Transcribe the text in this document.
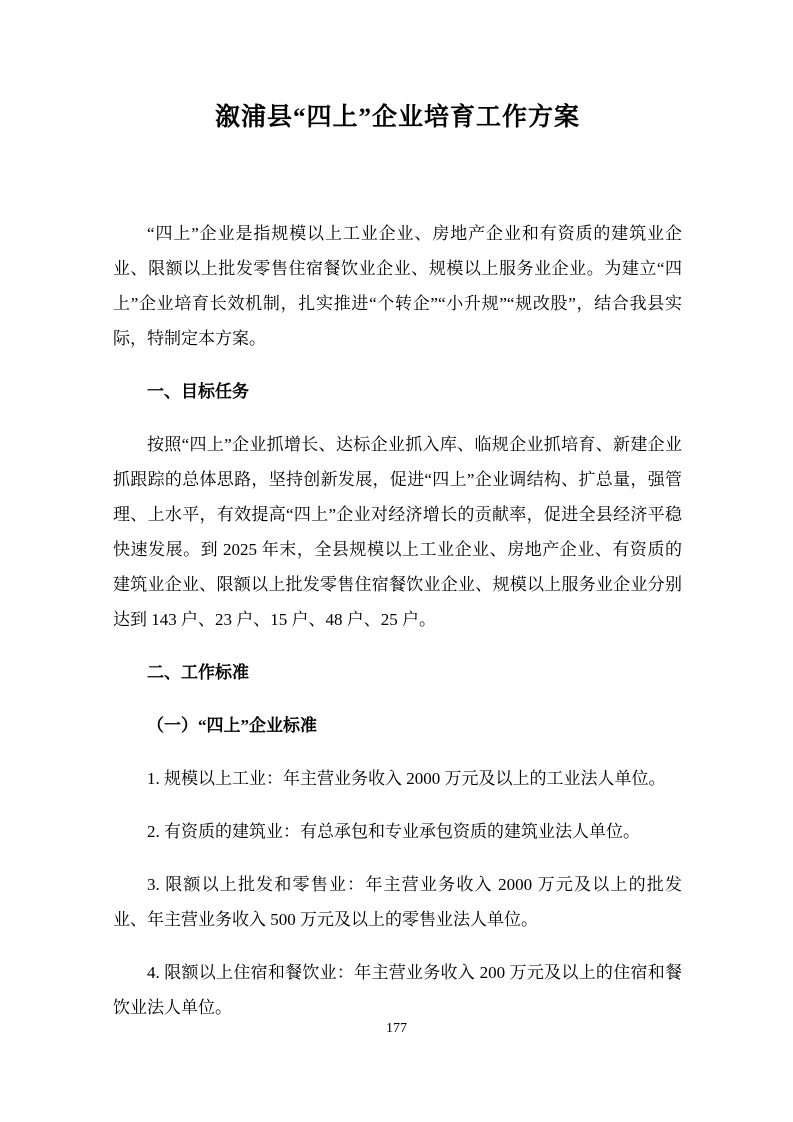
溆浦县“四上”企业培育工作方案

“四上”企业是指规模以上工业企业、房地产企业和有资质的建筑业企业、限额以上批发零售住宿餐饮业企业、规模以上服务业企业。为建立“四上”企业培育长效机制，扎实推进“个转企”“小升规”“规改股”，结合我县实际，特制定本方案。

一、目标任务

按照“四上”企业抓增长、达标企业抓入库、临规企业抓培育、新建企业抓跟踪的总体思路，坚持创新发展，促进“四上”企业调结构、扩总量，强管理、上水平，有效提高“四上”企业对经济增长的贡献率，促进全县经济平稳快速发展。到 2025 年末，全县规模以上工业企业、房地产企业、有资质的建筑业企业、限额以上批发零售住宿餐饮业企业、规模以上服务业企业分别达到 143 户、23 户、15 户、48 户、25 户。

二、工作标准
（一）“四上”企业标准

1. 规模以上工业：年主营业务收入 2000 万元及以上的工业法人单位。

2. 有资质的建筑业：有总承包和专业承包资质的建筑业法人单位。

3. 限额以上批发和零售业：年主营业务收入 2000 万元及以上的批发业、年主营业务收入 500 万元及以上的零售业法人单位。

4. 限额以上住宿和餐饮业：年主营业务收入 200 万元及以上的住宿和餐饮业法人单位。

177
